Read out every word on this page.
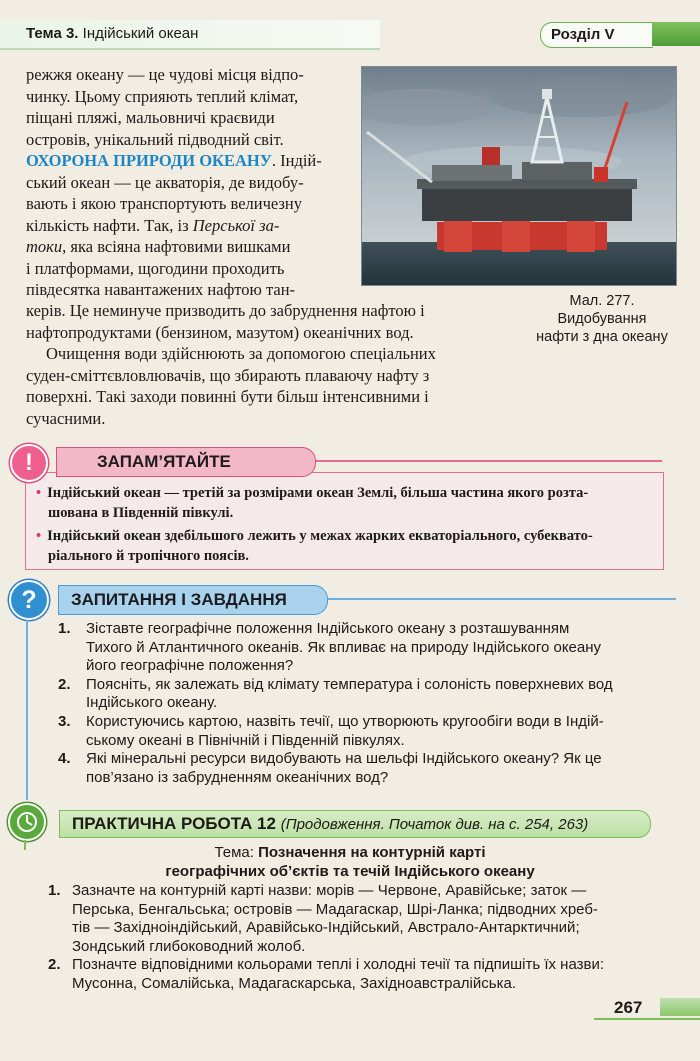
Тема 3. Індійський океан	Розділ V
режжя океану — це чудові місця відпо-
чинку. Цьому сприяють теплий клімат,
піщані пляжі, мальовничі краєвиди
островів, унікальний підводний світ.
ОХОРОНА ПРИРОДИ ОКЕАНУ. Індій-
ський океан — це акваторія, де видобу-
вають і якою транспортують величезну
кількість нафти. Так, із Перської за-
токи, яка всіяна нафтовими вишками
і платформами, щогодини проходить
півдесятка навантажених нафтою тан-
керів. Це неминуче призводить до забруднення нафтою і
нафтопродуктами (бензином, мазутом) океанічних вод.
Очищення води здійснюють за допомогою спеціальних
суден-сміттєвловлювачів, що збирають плаваючу нафту з
поверхні. Такі заходи повинні бути більш інтенсивними і
сучасними.
Мал. 277.
Видобування
нафти з дна океану
ЗАПАМ’ЯТАЙТЕ
!
• Індійський океан — третій за розмірами океан Землі, більша частина якого розта-
шована в Південній півкулі.
• Індійський океан здебільшого лежить у межах жарких екваторіального, субеквато-
ріального й тропічного поясів.
ЗАПИТАННЯ І ЗАВДАННЯ
?
1. Зіставте географічне положення Індійського океану з розташуванням
Тихого й Атлантичного океанів. Як впливає на природу Індійського океану
його географічне положення?
2. Поясніть, як залежать від клімату температура і солоність поверхневих вод
Індійського океану.
3. Користуючись картою, назвіть течії, що утворюють кругообіги води в Індій-
ському океані в Північній і Південній півкулях.
4. Які мінеральні ресурси видобувають на шельфі Індійського океану? Як це
пов’язано із забрудненням океанічних вод?
ПРАКТИЧНА РОБОТА 12 (Продовження. Початок див. на с. 254, 263)
Тема: Позначення на контурній карті
географічних об’єктів та течій Індійського океану
1. Зазначте на контурній карті назви: морів — Червоне, Аравійське; заток —
Перська, Бенгальська; островів — Мадагаскар, Шрі-Ланка; підводних хреб-
тів — Західноіндійський, Аравійсько-Індійський, Австрало-Антарктичний;
Зондський глибоководний жолоб.
2. Позначте відповідними кольорами теплі і холодні течії та підпишіть їх назви:
Мусонна, Сомалійська, Мадагаскарська, Західноавстралійська.
267
